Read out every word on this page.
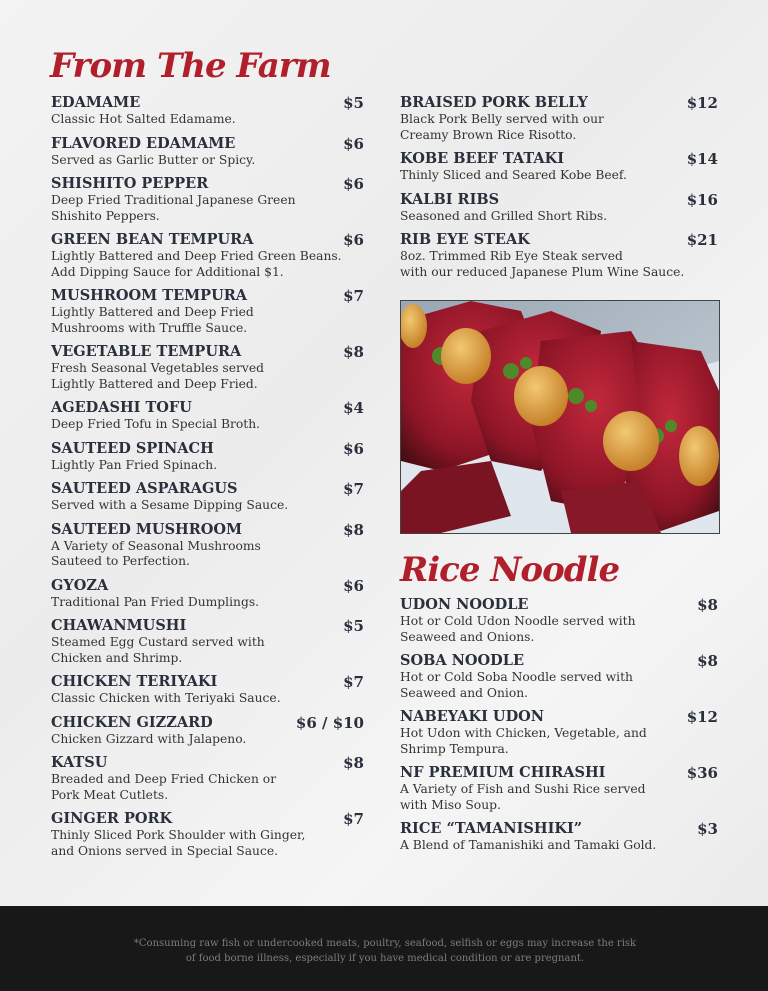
From The Farm
EDAMAME	$5
Classic Hot Salted Edamame.
FLAVORED EDAMAME	$6
Served as Garlic Butter or Spicy.
SHISHITO PEPPER	$6
Deep Fried Traditional Japanese Green
Shishito Peppers.
GREEN BEAN TEMPURA	$6
Lightly Battered and Deep Fried Green Beans.
Add Dipping Sauce for Additional $1.
MUSHROOM TEMPURA	$7
Lightly Battered and Deep Fried
Mushrooms with Truffle Sauce.
VEGETABLE TEMPURA	$8
Fresh Seasonal Vegetables served
Lightly Battered and Deep Fried.
AGEDASHI TOFU	$4
Deep Fried Tofu in Special Broth.
SAUTEED SPINACH	$6
Lightly Pan Fried Spinach.
SAUTEED ASPARAGUS	$7
Served with a Sesame Dipping Sauce.
SAUTEED MUSHROOM	$8
A Variety of Seasonal Mushrooms
Sauteed to Perfection.
GYOZA	$6
Traditional Pan Fried Dumplings.
CHAWANMUSHI	$5
Steamed Egg Custard served with
Chicken and Shrimp.
CHICKEN TERIYAKI	$7
Classic Chicken with Teriyaki Sauce.
CHICKEN GIZZARD	$6 / $10
Chicken Gizzard with Jalapeno.
KATSU	$8
Breaded and Deep Fried Chicken or
Pork Meat Cutlets.
GINGER PORK	$7
Thinly Sliced Pork Shoulder with Ginger,
and Onions served in Special Sauce.
BRAISED PORK BELLY	$12
Black Pork Belly served with our
Creamy Brown Rice Risotto.
KOBE BEEF TATAKI	$14
Thinly Sliced and Seared Kobe Beef.
KALBI RIBS	$16
Seasoned and Grilled Short Ribs.
RIB EYE STEAK	$21
8oz. Trimmed Rib Eye Steak served
with our reduced Japanese Plum Wine Sauce.
Rice Noodle
UDON NOODLE	$8
Hot or Cold Udon Noodle served with
Seaweed and Onions.
SOBA NOODLE	$8
Hot or Cold Soba Noodle served with
Seaweed and Onion.
NABEYAKI UDON	$12
Hot Udon with Chicken, Vegetable, and
Shrimp Tempura.
NF PREMIUM CHIRASHI	$36
A Variety of Fish and Sushi Rice served
with Miso Soup.
RICE “TAMANISHIKI”	$3
A Blend of Tamanishiki and Tamaki Gold.
*Consuming raw fish or undercooked meats, poultry, seafood, selfish or eggs may increase the risk of food borne illness, especially if you have medical condition or are pregnant.
